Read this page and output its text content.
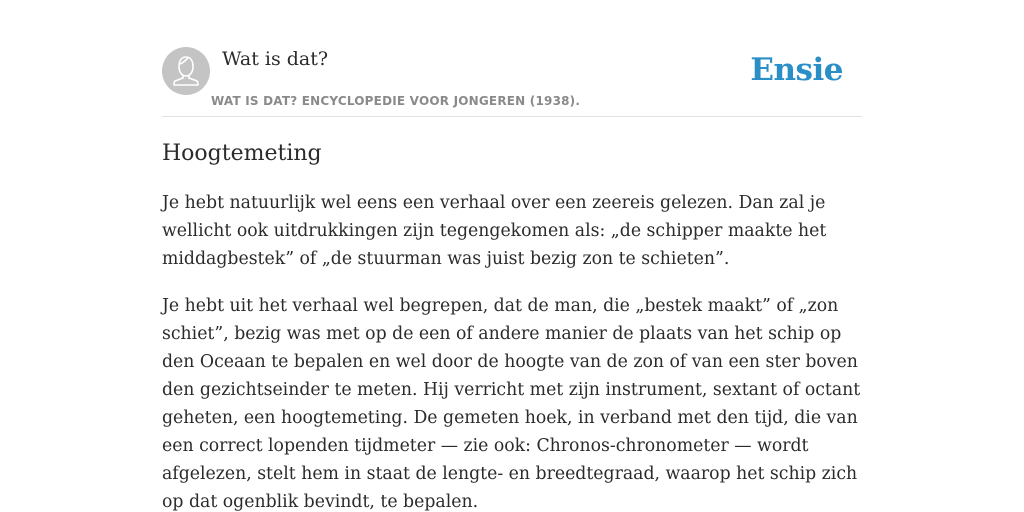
Wat is dat?
WAT IS DAT? ENCYCLOPEDIE VOOR JONGEREN (1938).
Ensie
Hoogtemeting

Je hebt natuurlijk wel eens een verhaal over een zeereis gelezen. Dan zal je wellicht ook uitdrukkingen zijn tegengekomen als: „de schipper maakte het middagbestek” of „de stuurman was juist bezig zon te schieten”.

Je hebt uit het verhaal wel begrepen, dat de man, die „bestek maakt” of „zon schiet”, bezig was met op de een of andere manier de plaats van het schip op den Oceaan te bepalen en wel door de hoogte van de zon of van een ster boven den gezichtseinder te meten. Hij verricht met zijn instrument, sextant of octant geheten, een hoogtemeting. De gemeten hoek, in verband met den tijd, die van een correct lopenden tijdmeter — zie ook: Chronos-chronometer — wordt afgelezen, stelt hem in staat de lengte- en breedtegraad, waarop het schip zich op dat ogenblik bevindt, te bepalen.
